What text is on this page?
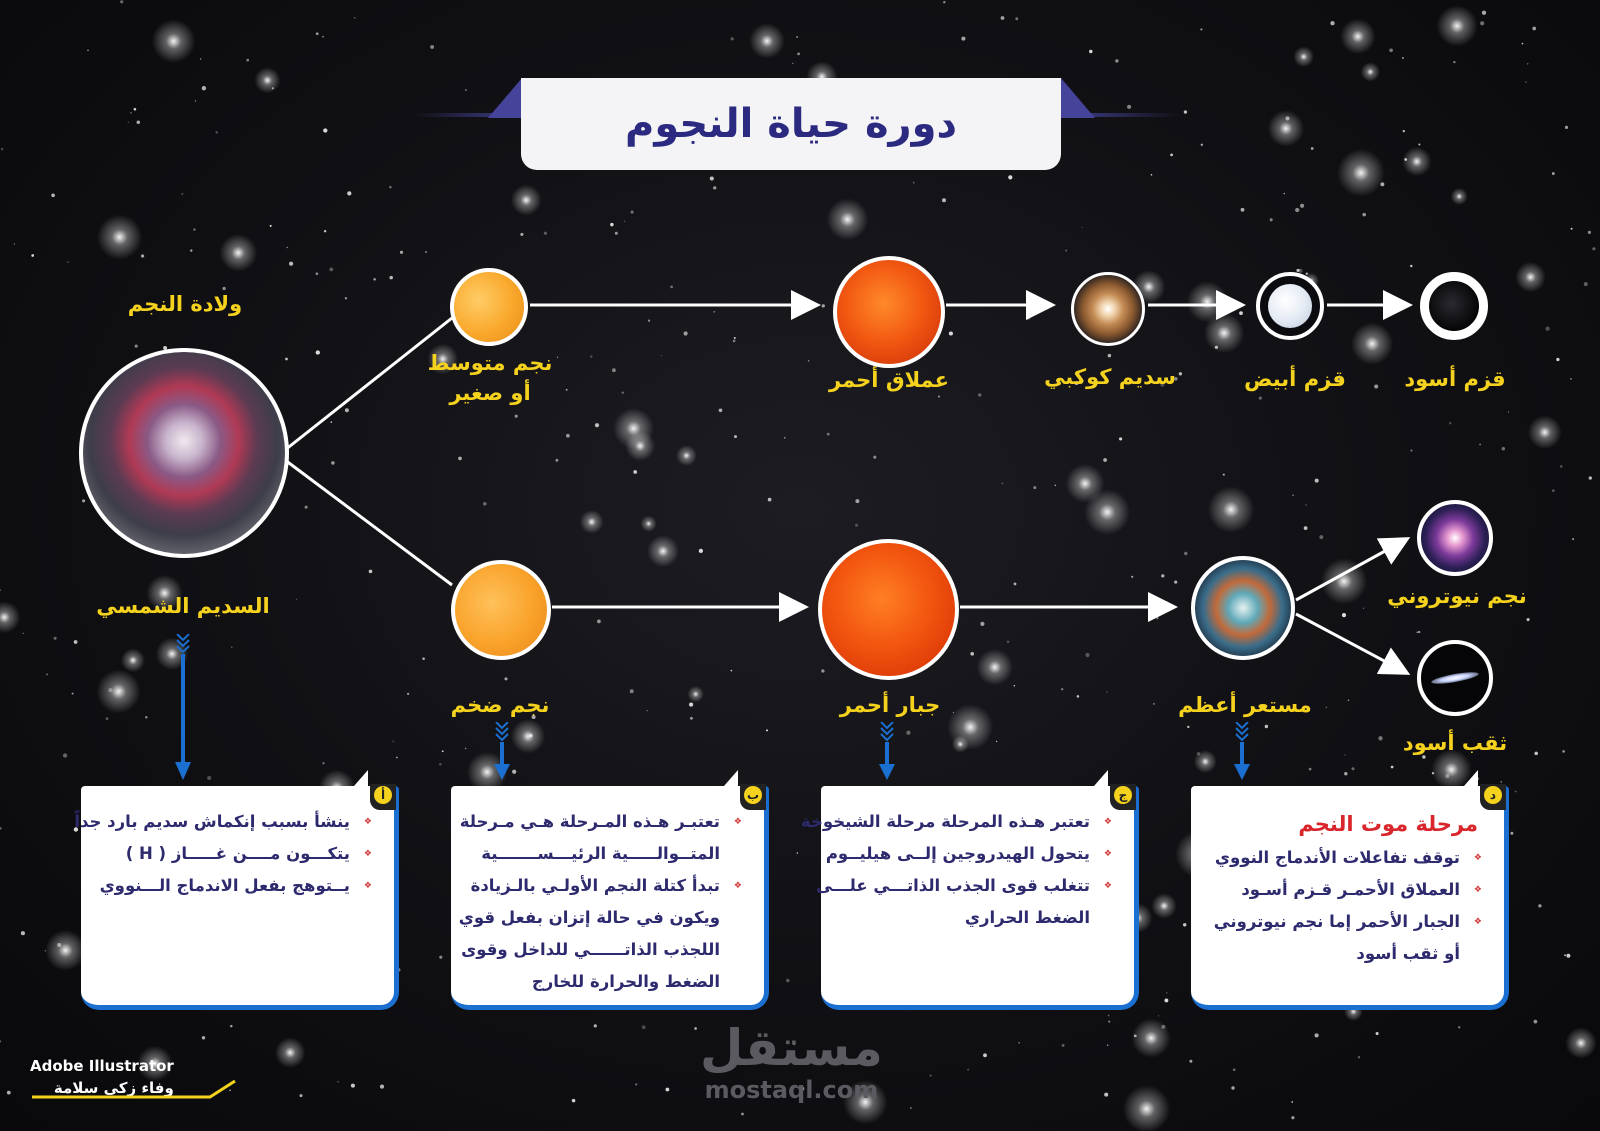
دورة حياة النجوم
ولادة النجم
السديم الشمسي
نجم متوسط
أو صغير
عملاق أحمر	سديم كوكبي	قزم أبيض	قزم أسود
نجم ضخم	جبار أحمر	مستعر أعظم
نجم نيوتروني
ثقب أسود
أ
❖ ينشأ بسبب إنكماش سديم بارد جداً
❖ يتكـــون مــــن غـــــاز ( H )
❖ يــتوهج بفعل الاندماج الـــنووي
ب
❖ تعتبـر هـذه المـرحلة هـي مـرحلة
المتــوالـــــية الرئيـــســـــــية
❖ تبدأ كتلة النجم الأولـي بالـزيادة
ويكون في حالة إتزان بفعل قوي
اللجذب الذاتــــــي للداخل وقوى
الضغط والحرارة للخارج
ج
❖ تعتبر هـذه المرحلة مرحلة الشيخوخة
❖ يتحول الهيدروجين إلــى هيليــوم
❖ تتغلب قوى الجذب الذاتـــي علـــى
الضغط الحراري
د
مرحلة موت النجم
❖ توقف تفاعلات الأندماج النووي
❖ العملاق الأحمـر قـزم أسـود
❖ الجبار الأحمر إما نجم نيوتروني
أو ثقب أسود
Adobe Illustrator
وفاء زكي سلامة
مستقل
mostaql.com
